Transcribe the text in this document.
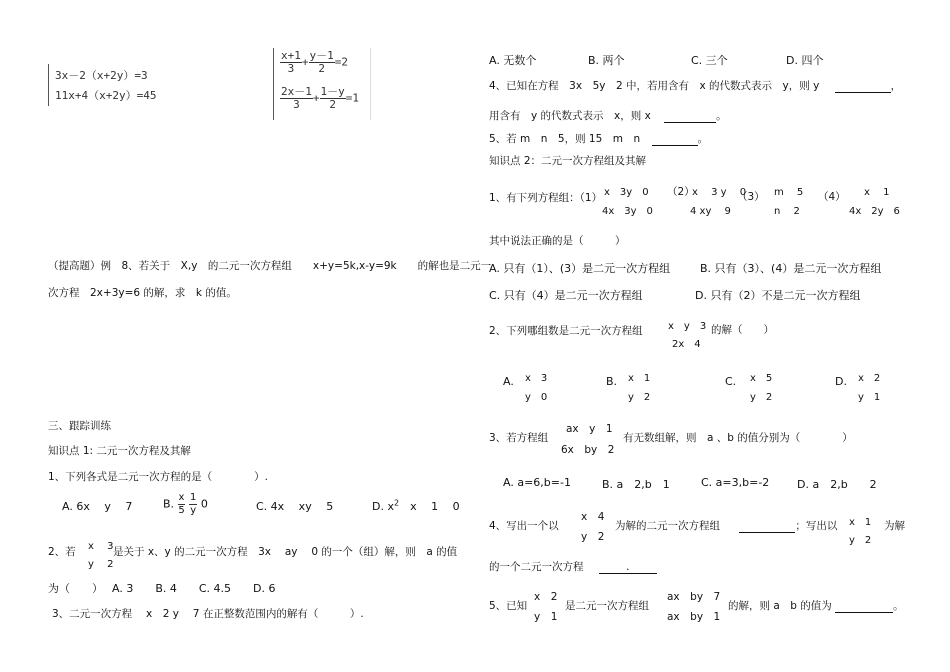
3x－2（x+2y）=3
11x+4（x+2y）=45
$\frac{x+1}{3} + \frac{y-1}{2} =2$
$\frac{2x-1}{3} + \frac{1-y}{2} =1$
（提高题）例　8、若关于　X,y　的二元一次方程组　　x+y=5k,x-y=9k　　的解也是二元一
次方程　2x+3y=6 的解，求　k 的值。
三、跟踪训练
知识点 1: 二元一次方程及其解
1、下列各式是二元一次方程的是（　　　　）.
A. 6x　 y　 7	B. $\frac{x}{5}$
$\frac{1}{y} 0$	C. 4x　 xy　 5	D. $x^2$　x　 1　 0
2、若 x　 3
y　 2
是关于 x、y 的二元一次方程　3x　 ay　 0 的一个（组）解，则　a 的值
为（　　）　 A. 3　　B. 4　　C. 4.5　　D. 6
3、二元一次方程　 x　2 y　 7 在正整数范围内的解有（　　　）.
A. 无数个	B. 两个	C. 三个	D. 四个
4、已知在方程　3x　5y　2 中，若用含有　x 的代数式表示　y，则 y	，
用含有　y 的代数式表示　x，则 x	。
5、若 m　n　5，则 15　m　n	。
知识点 2：二元一次方程组及其解
1、有下列方程组：（1） x　3y　0
4x　3y　0
（2）
x　 3 y　 0
4 xy　 9
（3） m　 5
n　 2
（4） x　 1
4x　2y　6
其中说法正确的是（　　　）
A. 只有（1）、(3）是二元一次方程组	B. 只有（3）、(4）是二元一次方程组
C. 只有（4）是二元一次方程组	D. 只有（2）不是二元一次方程组
2、下列哪组数是二元一次方程组	x　y　3
2x　4
的解（　　）
A. x　3
y　0
B. x　1
y　2
C. x　5
y　2
D. x　2
y　1
3、若方程组
ax　y　1
6x　by　2
有无数组解，则　a 、b 的值分别为（　　　　）
A. a=6,b=-1	B. a　2,b　1	C. a=3,b=-2	D. a　2,b　　2
4、写出一个以
x　4
y　2
为解的二元一次方程组	；写出以 x　1
y　2
为解
的一个二元一次方程	.
5、已知
x　2
y　1
是二元一次方程组
ax　by　7
ax　by　1
的解，则 a　b 的值为	。
